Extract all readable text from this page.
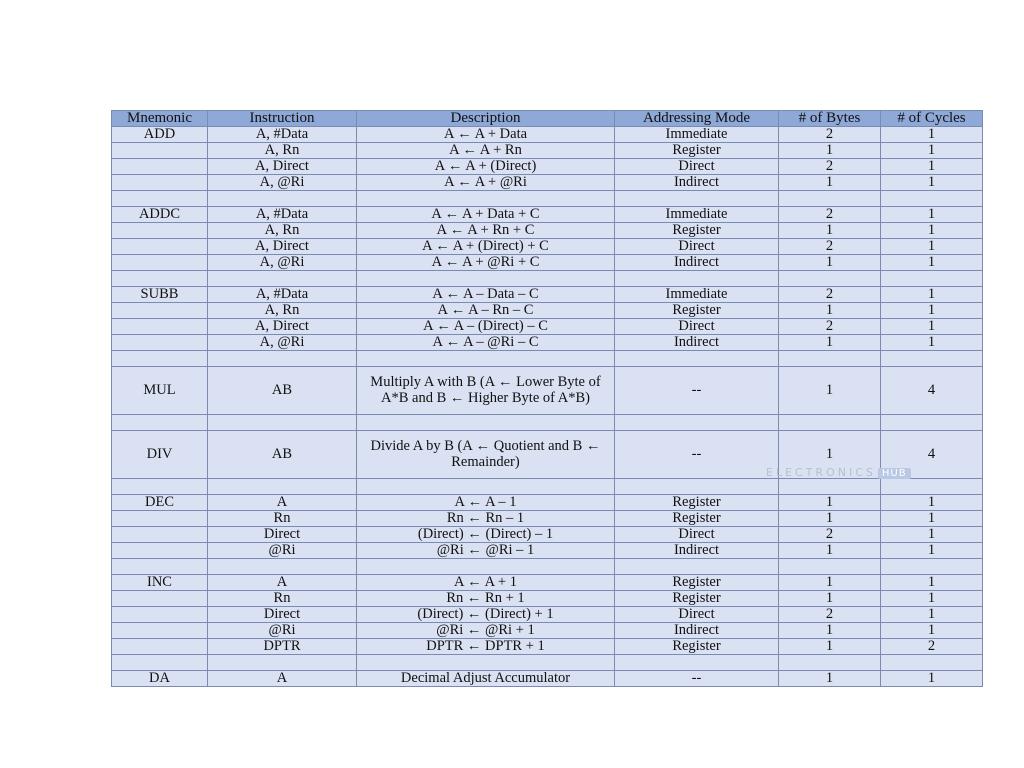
Mnemonic	Instruction	Description	Addressing Mode	# of Bytes	# of Cycles
ADD	A, #Data	A ← A + Data	Immediate	2	1
	A, Rn	A ← A + Rn	Register	1	1
	A, Direct	A ← A + (Direct)	Direct	2	1
	A, @Ri	A ← A + @Ri	Indirect	1	1

ADDC	A, #Data	A ← A + Data + C	Immediate	2	1
	A, Rn	A ← A + Rn + C	Register	1	1
	A, Direct	A ← A + (Direct) + C	Direct	2	1
	A, @Ri	A ← A + @Ri + C	Indirect	1	1

SUBB	A, #Data	A ← A – Data – C	Immediate	2	1
	A, Rn	A ← A – Rn – C	Register	1	1
	A, Direct	A ← A – (Direct) – C	Direct	2	1
	A, @Ri	A ← A – @Ri – C	Indirect	1	1

MUL	AB	Multiply A with B (A ← Lower Byte of A*B and B ← Higher Byte of A*B)	--	1	4

DIV	AB	Divide A by B (A ← Quotient and B ← Remainder)	--	1	4

DEC	A	A ← A – 1	Register	1	1
	Rn	Rn ← Rn – 1	Register	1	1
	Direct	(Direct) ← (Direct) – 1	Direct	2	1
	@Ri	@Ri ← @Ri – 1	Indirect	1	1

INC	A	A ← A + 1	Register	1	1
	Rn	Rn ← Rn + 1	Register	1	1
	Direct	(Direct) ← (Direct) + 1	Direct	2	1
	@Ri	@Ri ← @Ri + 1	Indirect	1	1
	DPTR	DPTR ← DPTR + 1	Register	1	2

DA	A	Decimal Adjust Accumulator	--	1	1
ELECTRONICS HUB
